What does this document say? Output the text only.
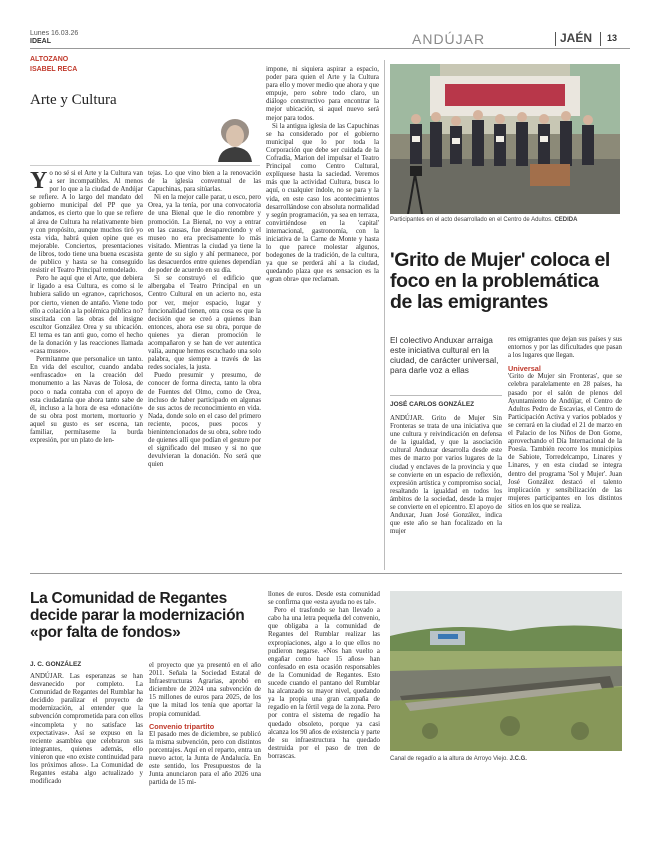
Lunes 16.03.26
IDEAL	ANDÚJAR	JAÉN 13
ALTOZANO
ISABEL RECA
Arte y Cultura
Y o no sé si el Arte y la Cultura van a ser incompatibles. Al menos por lo que a la ciudad de Andújar se refiere. A lo largo del mandato del gobierno municipal del PP que ya andamos, es cierto que lo que se refiere al área de Cultura ha relativamente bien y con propósito, aunque muchos tiró yo esta vida, habrá quien opine que es mejorable. Conciertos, presentaciones de libros, todo tiene una buena escasista de publico y hasta se ha conseguido resistir el Teatro Principal remodelado.

Pero he aquí que el Arte, que debiera ir ligado a esa Cultura, es como si le hubiera salido un «grano», caprichosos, por cierto, vienen de antaño. Viene todo ello a colación a la polémica pública no? suscitada con las obras del insigne escultor González Orea y su ubicación. El tema es tan anti guo, como el hecho de la donación y las reacciones llamada «casa museo».

Permítanme que personalice un tanto. En vida del escultor, cuando andaba «enfrascado» en la creación del monumento a las Navas de Tolosa, de poco o nada contaba con el apoyo de esta ciudadanía que ahora tanto sabe de él, incluso a la hora de esa «donación» de su obra post mortem, mortuorio y aquel su gusto es ser escena, tan familiar, permítaseme la burda expresión, por un plato de len-

tejas. Lo que vino bien a la renovación de la iglesia conventual de las Capuchinas, para sitúarlas.

Ni en la mejor calle parar, u esco, pero Orea, ya la tenía, por una convocatoria de una Bienal que le dio renombre y promoción. La Bienal, no voy a entrar en las causas, fue desapareciendo y el museo no era precisamente lo más visitado. Mientras la ciudad ya tiene la gente de su siglo y ahí permanece, por las desacuerdos entre quienes dependían de poder de acuerdo en su día.

Si se construyó el edificio que albergaba el Teatro Principal en un Centro Cultural en un acierto no, esta por ver, mejor espacio, lugar y funcionalidad tienen, otra cosa es que la decisión que se creó a quienes iban entonces, ahora ese su obra, porque de quienes ya dieran promoción le acompañaron y se han de ver autentica valía, aunque hemos escuchado una solo palabra, que siempre a través de las redes sociales, la justa.

Puedo presumir y presumo, de conocer de forma directa, tanto la obra de Fuentes del Olmo, como de Orea, incluso de haber participado en algunas de sus actos de reconocimiento en vida. Nada, donde solo en el caso del primero reciente, pocos, pues pocos y bienintencionados de su obra, sobre todo de quienes allí que podían el gesture por el significado del museo y si no que devulvieran la donación. No será que quien

impone, ni siquiera aspirar a espacio, poder para quien el Arte y la Cultura para ello y mover medio que ahora y que empuje, pero sobre todo claro, un diálogo constructivo para encontrar la mejor ubicación, si aquel nuevo será mejor para todos.

Si la antigua iglesia de las Capuchinas se ha considerado por el gobierno municipal que lo por toda la Corporación que debe ser cuidada de la Cofradía, Marion del impulsar el Teatro Principal como Centro Cultural, explíquese hasta la saciedad. Veremos más que la actividad Cultura, busca lo aquí, o cualquier índole, no se para y la vida, en este caso los acontecimientos desarrollándose con absoluta normalidad y según programación, ya sea en terraza, convirtiéndose en la 'capital' internacional, gastronomía, con la iniciativa de la Carne de Monte y hasta lo que parece molestar algunos, bodegones de la tradición, de la cultura, ya que se perderá ahí a la ciudad, quedando plaza que es sensacion es la «gran obra» que reclaman.

Participantes en el acto desarrollado en el Centro de Adultos. CEDIDA
'Grito de Mujer' coloca el foco en la problemática de las emigrantes
El colectivo Anduxar arraiga este iniciativa cultural en la ciudad, de carácter universal, para darle voz a ellas
JOSÉ CARLOS GONZÁLEZ

ANDÚJAR. Grito de Mujer Sin Fronteras se trata de una iniciativa que une cultura y reivindicación en defensa de la igualdad, y que la asociación cultural Anduxar desarrolla desde este mes de marzo por varios lugares de la ciudad y enclaves de la provincia y que se convierte en un espacio de reflexión, expresión artística y compromiso social, resaltando la igualdad en todos los ámbitos de la sociedad, desde la mujer se convierte en el epicentro. El apoyo de Anduxar, Juan José González, indica que este año se han focalizado en la mujer

res emigrantes que dejan sus países y sus entornos y por las dificultades que pasan a los lugares que llegan.

Universal

'Grito de Mujer sin Fronteras', que se celebra paralelamente en 28 países, ha pasado por el salón de plenos del Ayuntamiento de Andújar, el Centro de Adultos Pedro de Escavias, el Centro de Participación Activa y varios poblados y se cerrará en la ciudad el 21 de marzo en el Palacio de los Niños de Don Gome, aprovechando el Día Internacional de la Poesía. También recorre los municipios de Sabiote, Torredelcampo, Linares y Linares, y en esta ciudad se integra dentro del programa 'Sol y Mujer'. Juan José González destacó el talento implicación y sensibilización de las mujeres participantes en los distintos sitios en los que se realiza.

La Comunidad de Regantes decide parar la modernización «por falta de fondos»
J. C. GONZÁLEZ

ANDÚJAR. Las esperanzas se han desvanecido por completo. La Comunidad de Regantes del Rumblar ha decidido paralizar el proyecto de modernización, al entender que la subvención comprometida para con ellos «incompleta y no satisface las expectativas». Así se expuso en la reciente asamblea que celebraron sus integrantes, quienes además, ello vinieron que «no existe continuidad para los próximos años». La Comunidad de Regantes estaba algo actualizado y modificado

el proyecto que ya presentó en el año 2011. Señala la Sociedad Estatal de Infraestructuras Agrarias, aprobó en diciembre de 2024 una subvención de 15 millones de euros para 2025, de los que la mitad los tenía que aportar la propia comunidad.

Convenio tripartito

El pasado mes de diciembre, se publicó la misma subvención, pero con distintos porcentajes. Aquí en el reparto, entra un nuevo actor, la Junta de Andalucía. En este sentido, los Presupuestos de la Junta anunciaron para el año 2026 una partida de 15 mi-

llones de euros. Desde esta comunidad se confirma que «esta ayuda no es tal».

Pero el trasfondo se han llevado a cabo ha una letra pequeña del convenio, que obligaba a la comunidad de Regantes del Rumblar realizar las expropiaciones, algo a lo que ellos no pudieron negarse. «Nos han vuelto a engañar como hace 15 años» han confesado en esta ocasión responsables de la Comunidad de Regantes. Esto sucede cuando el pantano del Rumblar ha alcanzado su mayor nivel, quedando ya la propia una gran campaña de regadío en la fértil vega de la zona. Pero por contra el sistema de regadío ha quedado obsoleto, porque ya casi alcanza los 90 años de existencia y parte de su infraestructura ha quedado destruida por el paso de tren de borrascas.	Canal de regadío a la altura de Arroyo Viejo. J.C.G.
